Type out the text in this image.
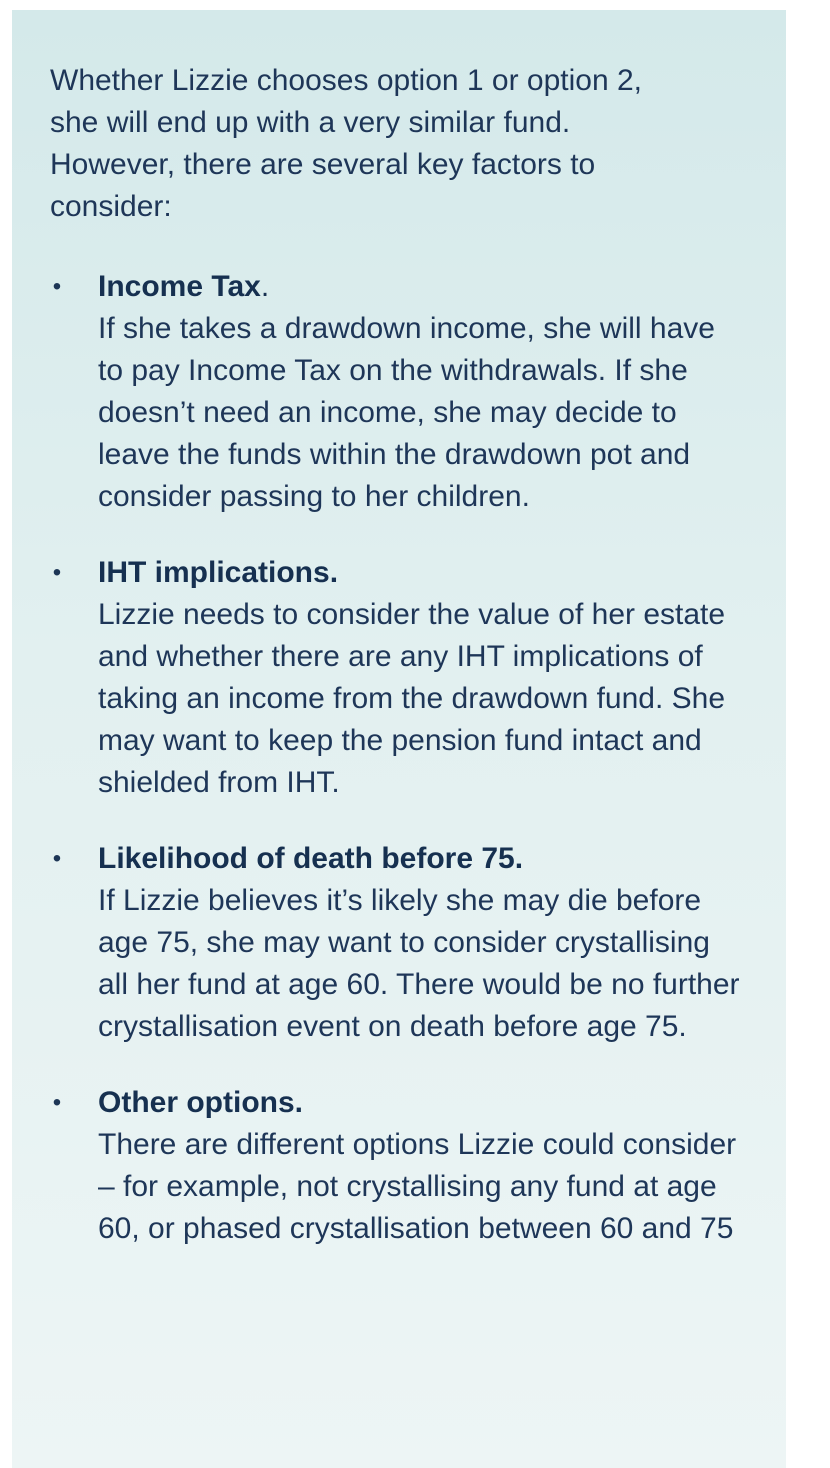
Whether Lizzie chooses option 1 or option 2, she will end up with a very similar fund. However, there are several key factors to consider:

• Income Tax.
If she takes a drawdown income, she will have to pay Income Tax on the withdrawals. If she doesn’t need an income, she may decide to leave the funds within the drawdown pot and consider passing to her children.
• IHT implications.
Lizzie needs to consider the value of her estate and whether there are any IHT implications of taking an income from the drawdown fund. She may want to keep the pension fund intact and shielded from IHT.
• Likelihood of death before 75.
If Lizzie believes it’s likely she may die before age 75, she may want to consider crystallising all her fund at age 60. There would be no further crystallisation event on death before age 75.
• Other options.
There are different options Lizzie could consider – for example, not crystallising any fund at age 60, or phased crystallisation between 60 and 75
